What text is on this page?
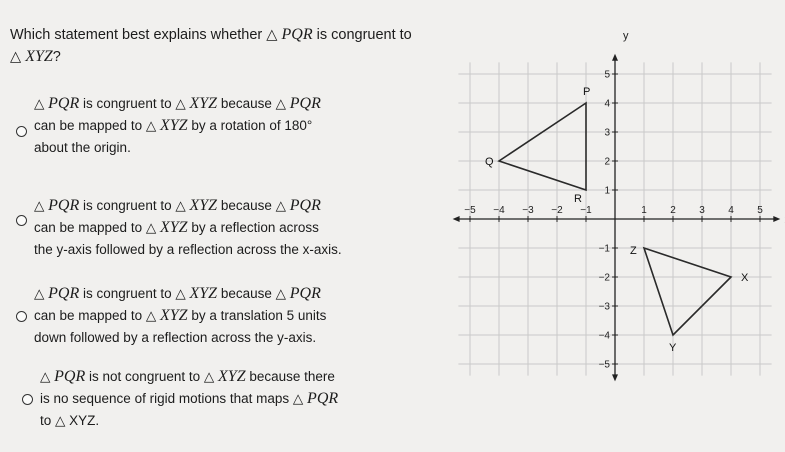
Which statement best explains whether △ PQR is congruent to
△ XYZ?
△ PQR is congruent to △ XYZ because △ PQR
can be mapped to △ XYZ by a rotation of 180°
about the origin.
△ PQR is congruent to △ XYZ because △ PQR
can be mapped to △ XYZ by a reflection across
the y-axis followed by a reflection across the x-axis.
△ PQR is congruent to △ XYZ because △ PQR
can be mapped to △ XYZ by a translation 5 units
down followed by a reflection across the y-axis.
△ PQR is not congruent to △ XYZ because there
is no sequence of rigid motions that maps △ PQR
to △ XYZ.
y
−5 −4 −3 −2 −1	1 2 3 4 5
5
4
3
2
1
−1
−2
−3
−4
−5
P
Q
R
X
Y
Z
